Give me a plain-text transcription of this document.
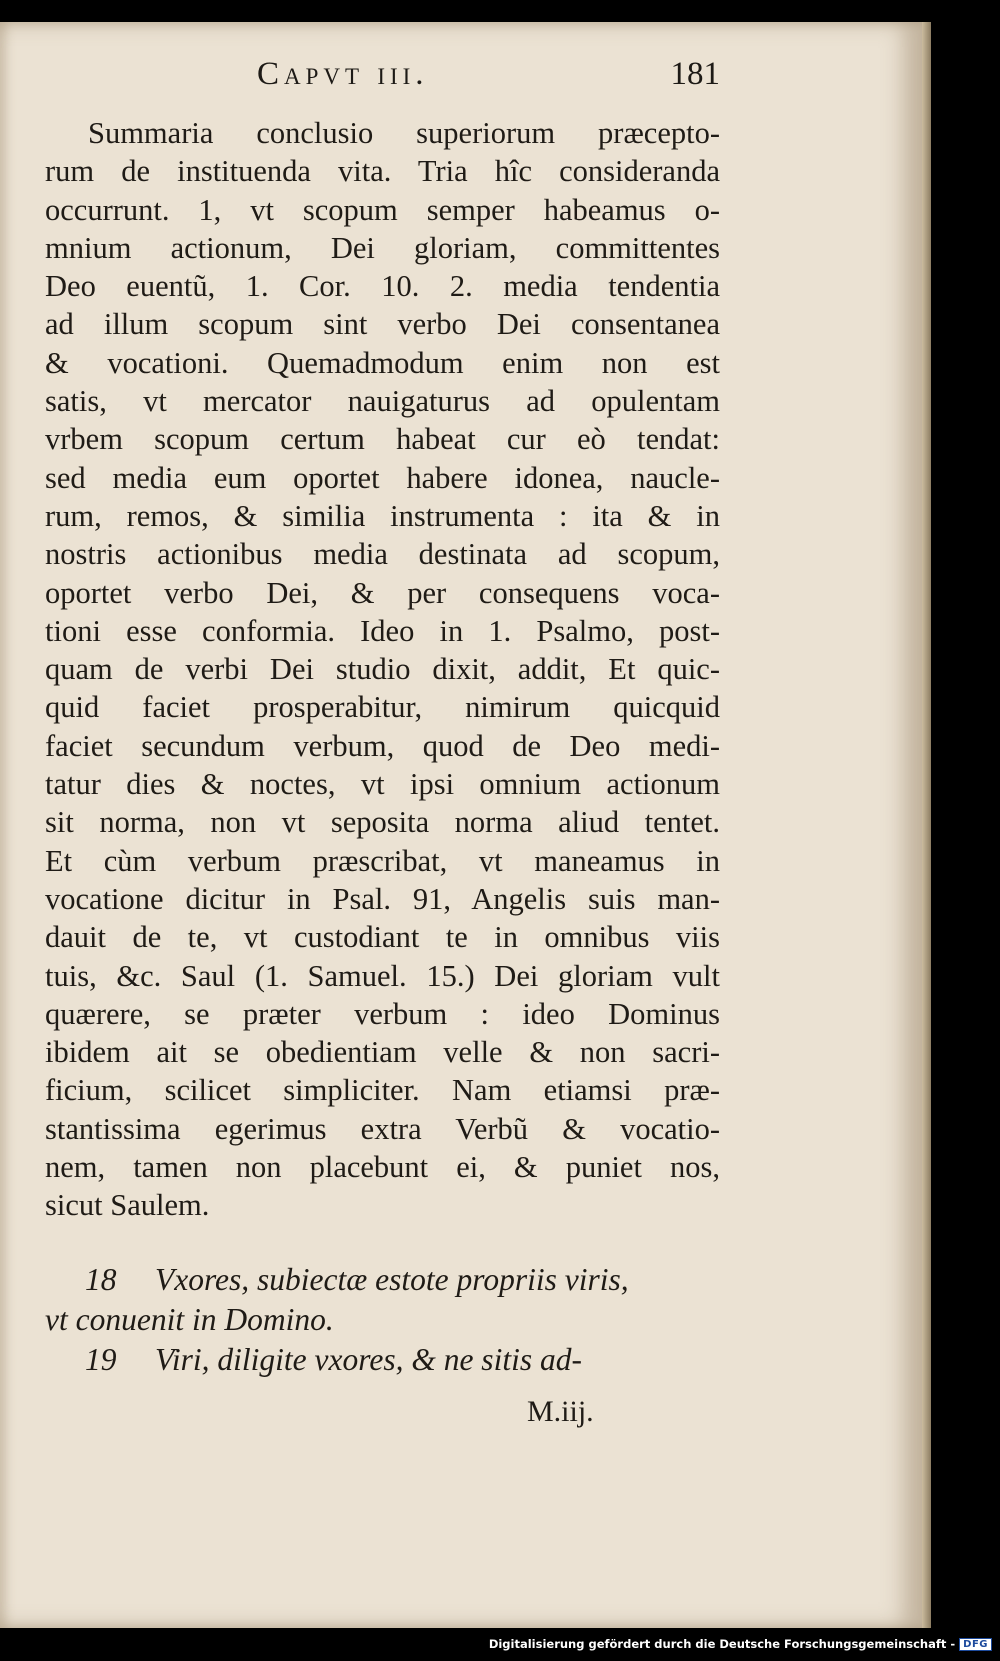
Capvt iii.	181
Summaria conclusio superiorum præcepto-
rum de instituenda vita. Tria hîc consideranda
occurrunt. 1, vt scopum semper habeamus o-
mnium actionum, Dei gloriam, committentes
Deo euentũ, 1. Cor. 10. 2. media tendentia
ad illum scopum sint verbo Dei consentanea
& vocationi. Quemadmodum enim non est
satis, vt mercator nauigaturus ad opulentam
vrbem scopum certum habeat cur eò tendat:
sed media eum oportet habere idonea, naucle-
rum, remos, & similia instrumenta : ita & in
nostris actionibus media destinata ad scopum,
oportet verbo Dei, & per consequens voca-
tioni esse conformia. Ideo in 1. Psalmo, post-
quam de verbi Dei studio dixit, addit, Et quic-
quid faciet prosperabitur, nimirum quicquid
faciet secundum verbum, quod de Deo medi-
tatur dies & noctes, vt ipsi omnium actionum
sit norma, non vt seposita norma aliud tentet.
Et cùm verbum præscribat, vt maneamus in
vocatione dicitur in Psal. 91, Angelis suis man-
dauit de te, vt custodiant te in omnibus viis
tuis, &c. Saul (1. Samuel. 15.) Dei gloriam vult
quærere, se præter verbum : ideo Dominus
ibidem ait se obedientiam velle & non sacri-
ficium, scilicet simpliciter. Nam etiamsi præ-
stantissima egerimus extra Verbũ & vocatio-
nem, tamen non placebunt ei, & puniet nos,
sicut Saulem.
18 Vxores, subiectæ estote propriis viris,
vt conuenit in Domino.
19 Viri, diligite vxores, & ne sitis ad-
M.iij.
Digitalisierung gefördert durch die Deutsche Forschungsgemeinschaft - DFG
